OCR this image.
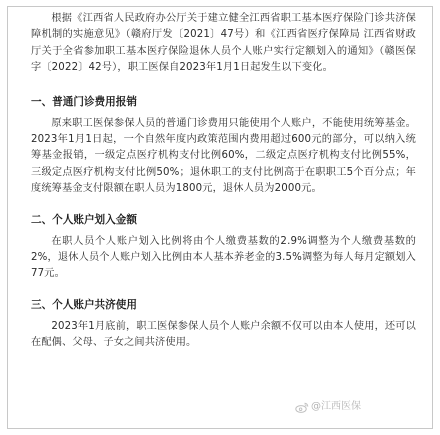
根据《江西省人民政府办公厅关于建立健全江西省职工基本医疗保险门诊共济保障机制的实施意见》（赣府厅发〔2021〕47号）和《江西省医疗保障局 江西省财政厅关于全省参加职工基本医疗保险退休人员个人账户实行定额划入的通知》（赣医保字〔2022〕42号），职工医保自2023年1月1日起发生以下变化。

一、普通门诊费用报销

原来职工医保参保人员的普通门诊费用只能使用个人账户，不能使用统筹基金。2023年1月1日起，一个自然年度内政策范围内费用超过600元的部分，可以纳入统筹基金报销，一级定点医疗机构支付比例60%，二级定点医疗机构支付比例55%，三级定点医疗机构支付比例50%；退休职工的支付比例高于在职职工5个百分点；年度统筹基金支付限额在职人员为1800元，退休人员为2000元。

二、个人账户划入金额

在职人员个人账户划入比例将由个人缴费基数的2.9%调整为个人缴费基数的2%，退休人员个人账户划入比例由本人基本养老金的3.5%调整为每人每月定额划入77元。

三、个人账户共济使用

2023年1月底前，职工医保参保人员个人账户余额不仅可以由本人使用，还可以在配偶、父母、子女之间共济使用。

@江西医保
